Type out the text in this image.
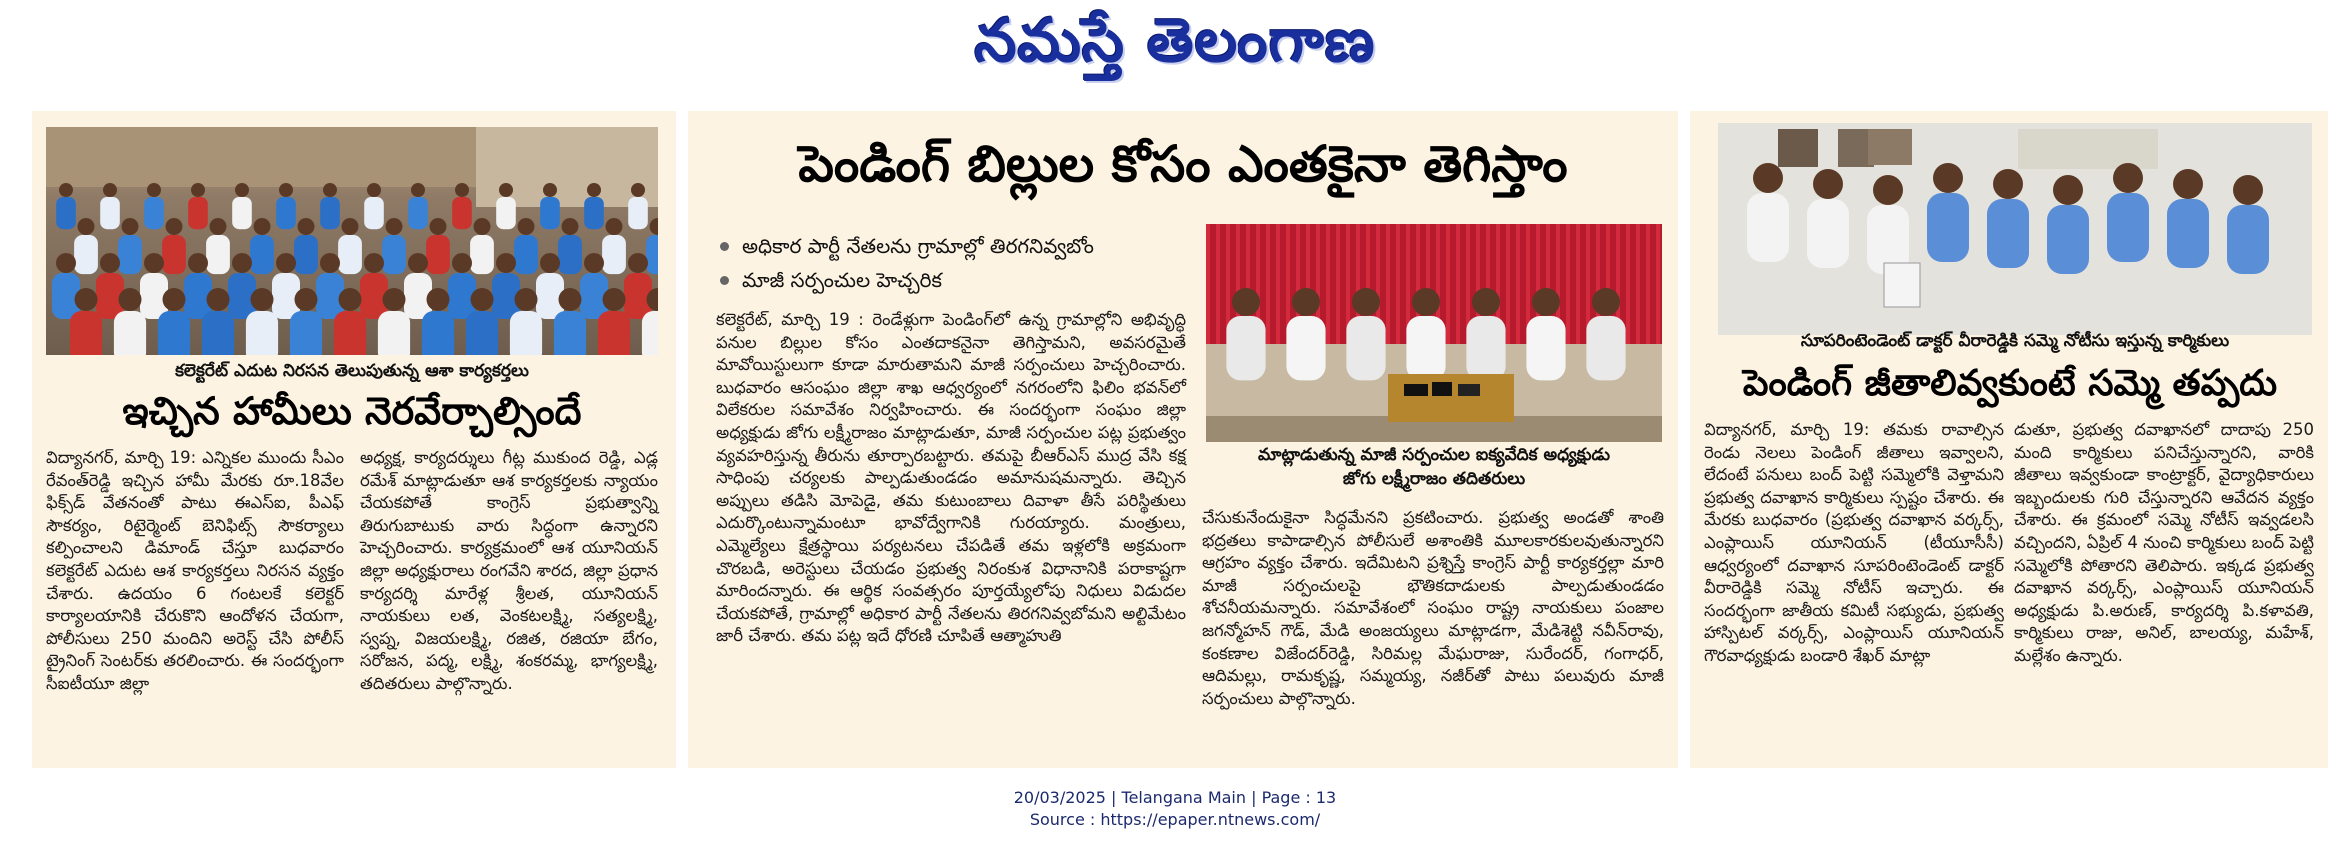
నమస్తే తెలంగాణ
కలెక్టరేట్ ఎదుట నిరసన తెలుపుతున్న ఆశా కార్యకర్తలు
ఇచ్చిన హామీలు నెరవేర్చాల్సిందే
విద్యానగర్, మార్చి 19: ఎన్నికల ముందు సీఎం రేవంత్‌రెడ్డి ఇచ్చిన హామీ మేరకు రూ.18వేల ఫిక్స్‌డ్ వేతనంతో పాటు ఈఎస్ఐ, పీఎఫ్ సౌకర్యం, రిటైర్మెంట్ బెనిఫిట్స్ సౌకర్యాలు కల్పించాలని డిమాండ్ చేస్తూ బుధవారం కలెక్టరేట్ ఎదుట ఆశ కార్యకర్తలు నిరసన వ్యక్తం చేశారు. ఉదయం 6 గంటలకే కలెక్టర్ కార్యాలయానికి చేరుకొని ఆందోళన చేయగా, పోలీసులు 250 మందిని అరెస్ట్ చేసి పోలీస్ ట్రైనింగ్ సెంటర్‌కు తరలించారు. ఈ సందర్భంగా సీఐటీయూ జిల్లా
అధ్యక్ష, కార్యదర్శులు గీట్ల ముకుంద రెడ్డి, ఎడ్ల రమేశ్ మాట్లాడుతూ ఆశ కార్యకర్తలకు న్యాయం చేయకపోతే కాంగ్రెస్ ప్రభుత్వాన్ని తిరుగుబాటుకు వారు సిద్ధంగా ఉన్నారని హెచ్చరించారు. కార్యక్రమంలో ఆశ యూనియన్ జిల్లా అధ్యక్షురాలు రంగవేని శారద, జిల్లా ప్రధాన కార్యదర్శి మారేళ్ల శ్రీలత, యూనియన్ నాయకులు లత, వెంకటలక్ష్మి, సత్యలక్ష్మి, స్వప్న, విజయలక్ష్మి, రజిత, రజియా బేగం, సరోజన, పద్మ, లక్ష్మి, శంకరమ్మ, భాగ్యలక్ష్మి, తదితరులు పాల్గొన్నారు.
పెండింగ్ బిల్లుల కోసం ఎంతకైనా తెగిస్తాం
అధికార పార్టీ నేతలను గ్రామాల్లో తిరగనివ్వబోం
మాజీ సర్పంచుల హెచ్చరిక
కలెక్టరేట్, మార్చి 19 : రెండేళ్లుగా పెండింగ్‌లో ఉన్న గ్రామాల్లోని అభివృద్ధి పనుల బిల్లుల కోసం ఎంతదాకనైనా తెగిస్తామని, అవసరమైతే మావోయిస్టులుగా కూడా మారుతామని మాజీ సర్పంచులు హెచ్చరించారు. బుధవారం ఆసంఘం జిల్లా శాఖ ఆధ్వర్యంలో నగరంలోని ఫిలిం భవన్‌లో విలేకరుల సమావేశం నిర్వహించారు. ఈ సందర్భంగా సంఘం జిల్లా అధ్యక్షుడు జోగు లక్ష్మీరాజం మాట్లాడుతూ, మాజీ సర్పంచుల పట్ల ప్రభుత్వం వ్యవహరిస్తున్న తీరును తూర్పారబట్టారు. తమపై బీఆర్ఎస్ ముద్ర వేసి కక్ష సాధింపు చర్యలకు పాల్పడుతుండడం అమానుషమన్నారు. తెచ్చిన అప్పులు తడిసి మోపెడై, తమ కుటుంబాలు దివాళా తీసే పరిస్థితులు ఎదుర్కొంటున్నామంటూ భావోద్వేగానికి గురయ్యారు. మంత్రులు, ఎమ్మెల్యేలు క్షేత్రస్థాయి పర్యటనలు చేపడితే తమ ఇళ్లలోకి అక్రమంగా చొరబడి, అరెస్టులు చేయడం ప్రభుత్వ నిరంకుశ విధానానికి పరాకాష్టగా మారిందన్నారు. ఈ ఆర్థిక సంవత్సరం పూర్తయ్యేలోపు నిధులు విడుదల చేయకపోతే, గ్రామాల్లో అధికార పార్టీ నేతలను తిరగనివ్వబోమని అల్టిమేటం జారీ చేశారు. తమ పట్ల ఇదే ధోరణి చూపితే ఆత్మాహుతి
మాట్లాడుతున్న మాజీ సర్పంచుల ఐక్యవేదిక అధ్యక్షుడు
జోగు లక్ష్మీరాజం తదితరులు
చేసుకునేందుకైనా సిద్ధమేనని ప్రకటించారు. ప్రభుత్వ అండతో శాంతి భద్రతలు కాపాడాల్సిన పోలీసులే అశాంతికి మూలకారకులవుతున్నారని ఆగ్రహం వ్యక్తం చేశారు. ఇదేమిటని ప్రశ్నిస్తే కాంగ్రెస్ పార్టీ కార్యకర్తల్లా మారి మాజీ సర్పంచులపై భౌతికదాడులకు పాల్పడుతుండడం శోచనీయమన్నారు. సమావేశంలో సంఘం రాష్ట్ర నాయకులు పంజాల జగన్మోహన్ గౌడ్, మేడి అంజయ్యలు మాట్లాడగా, మేడిశెట్టి నవీన్‌రావు, కంకణాల విజేందర్‌రెడ్డి, సిరిమల్ల మేఘరాజు, సురేందర్, గంగాధర్, ఆదిమల్లు, రామకృష్ణ, సమ్మయ్య, నజీర్‌తో పాటు పలువురు మాజీ సర్పంచులు పాల్గొన్నారు.
సూపరింటెండెంట్ డాక్టర్ వీరారెడ్డికి సమ్మె నోటీసు ఇస్తున్న కార్మికులు
పెండింగ్ జీతాలివ్వకుంటే సమ్మె తప్పదు
విద్యానగర్, మార్చి 19: తమకు రావాల్సిన రెండు నెలలు పెండింగ్ జీతాలు ఇవ్వాలని, లేదంటే పనులు బంద్ పెట్టి సమ్మెలోకి వెళ్తామని ప్రభుత్వ దవాఖాన కార్మికులు స్పష్టం చేశారు. ఈ మేరకు బుధవారం (ప్రభుత్వ దవాఖాన వర్కర్స్, ఎంప్లాయిస్ యూనియన్ (టీయూసీసీ) ఆధ్వర్యంలో దవాఖాన సూపరింటెండెంట్ డాక్టర్ వీరారెడ్డికి సమ్మె నోటీస్ ఇచ్చారు. ఈ సందర్భంగా జాతీయ కమిటీ సభ్యుడు, ప్రభుత్వ హాస్పిటల్ వర్కర్స్, ఎంప్లాయిస్ యూనియన్ గౌరవాధ్యక్షుడు బండారి శేఖర్ మాట్లా
డుతూ, ప్రభుత్వ దవాఖానలో దాదాపు 250 మంది కార్మికులు పనిచేస్తున్నారని, వారికి జీతాలు ఇవ్వకుండా కాంట్రాక్టర్, వైద్యాధికారులు ఇబ్బందులకు గురి చేస్తున్నారని ఆవేదన వ్యక్తం చేశారు. ఈ క్రమంలో సమ్మె నోటీస్ ఇవ్వడలసి వచ్చిందని, ఏప్రిల్ 4 నుంచి కార్మికులు బంద్ పెట్టి సమ్మెలోకి పోతారని తెలిపారు. ఇక్కడ ప్రభుత్వ దవాఖాన వర్కర్స్, ఎంప్లాయిస్ యూనియన్ అధ్యక్షుడు పి.అరుణ్, కార్యదర్శి పి.కళావతి, కార్మికులు రాజు, అనిల్, బాలయ్య, మహేశ్, మల్లేశం ఉన్నారు.
20/03/2025 | Telangana Main | Page : 13
Source : https://epaper.ntnews.com/
